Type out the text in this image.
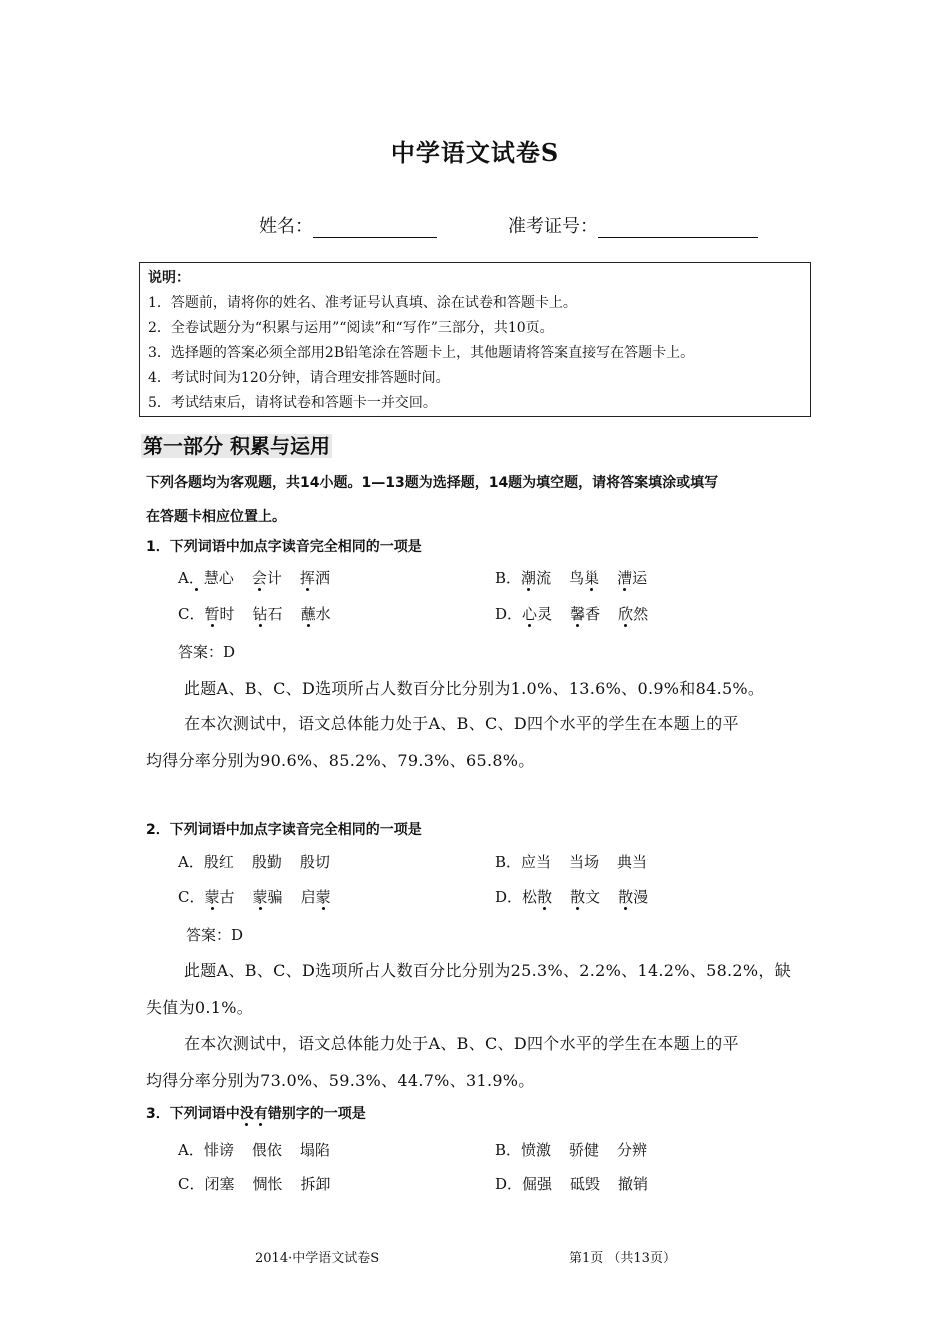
中学语文试卷S
姓名：	准考证号：
说明：
1．答题前，请将你的姓名、准考证号认真填、涂在试卷和答题卡上。
2．全卷试题分为“积累与运用”“阅读”和“写作”三部分，共10页。
3．选择题的答案必须全部用2B铅笔涂在答题卡上，其他题请将答案直接写在答题卡上。
4．考试时间为120分钟，请合理安排答题时间。
5．考试结束后，请将试卷和答题卡一并交回。
第一部分 积累与运用
下列各题均为客观题，共14小题。1—13题为选择题，14题为填空题，请将答案填涂或填写
在答题卡相应位置上。
1．下列词语中加点字读音完全相同的一项是
A．慧心 会计 挥洒	B．潮流 鸟巢 漕运
C．暂时 钻石 蘸水	D．心灵 馨香 欣然
答案：D
此题A、B、C、D选项所占人数百分比分别为1.0%、13.6%、0.9%和84.5%。
在本次测试中，语文总体能力处于A、B、C、D四个水平的学生在本题上的平
均得分率分别为90.6%、85.2%、79.3%、65.8%。
2．下列词语中加点字读音完全相同的一项是
A．殷红 殷勤 殷切	B．应当 当场 典当
C．蒙古 蒙骗 启蒙	D．松散 散文 散漫
答案：D
此题A、B、C、D选项所占人数百分比分别为25.3%、2.2%、14.2%、58.2%，缺
失值为0.1%。
在本次测试中，语文总体能力处于A、B、C、D四个水平的学生在本题上的平
均得分率分别为73.0%、59.3%、44.7%、31.9%。
3．下列词语中没有错别字的一项是
A．悱谤 偎依 塌陷	B．愤激 骄健 分辨
C．闭塞 惆怅 拆卸	D．倔强 砥毁 撤销
2014·中学语文试卷S	第1页 （共13页）
